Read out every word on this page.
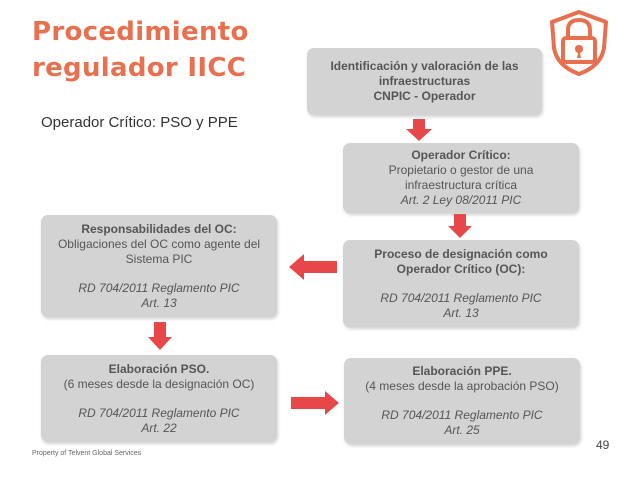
Procedimiento
regulador IICC
Operador Crítico: PSO y PPE
Identificación y valoración de las
infraestructuras
CNPIC - Operador
Operador Crítico:
Propietario o gestor de una
infraestructura crítica
Art. 2 Ley 08/2011 PIC
Proceso de designación como
Operador Crítico (OC):
RD 704/2011 Reglamento PIC
Art. 13
Responsabilidades del OC:
Obligaciones del OC como agente del
Sistema PIC
RD 704/2011 Reglamento PIC
Art. 13
Elaboración PSO.
(6 meses desde la designación OC)
RD 704/2011 Reglamento PIC
Art. 22
Elaboración PPE.
(4 meses desde la aprobación PSO)
RD 704/2011 Reglamento PIC
Art. 25
Property of Telvent Global Services
49
